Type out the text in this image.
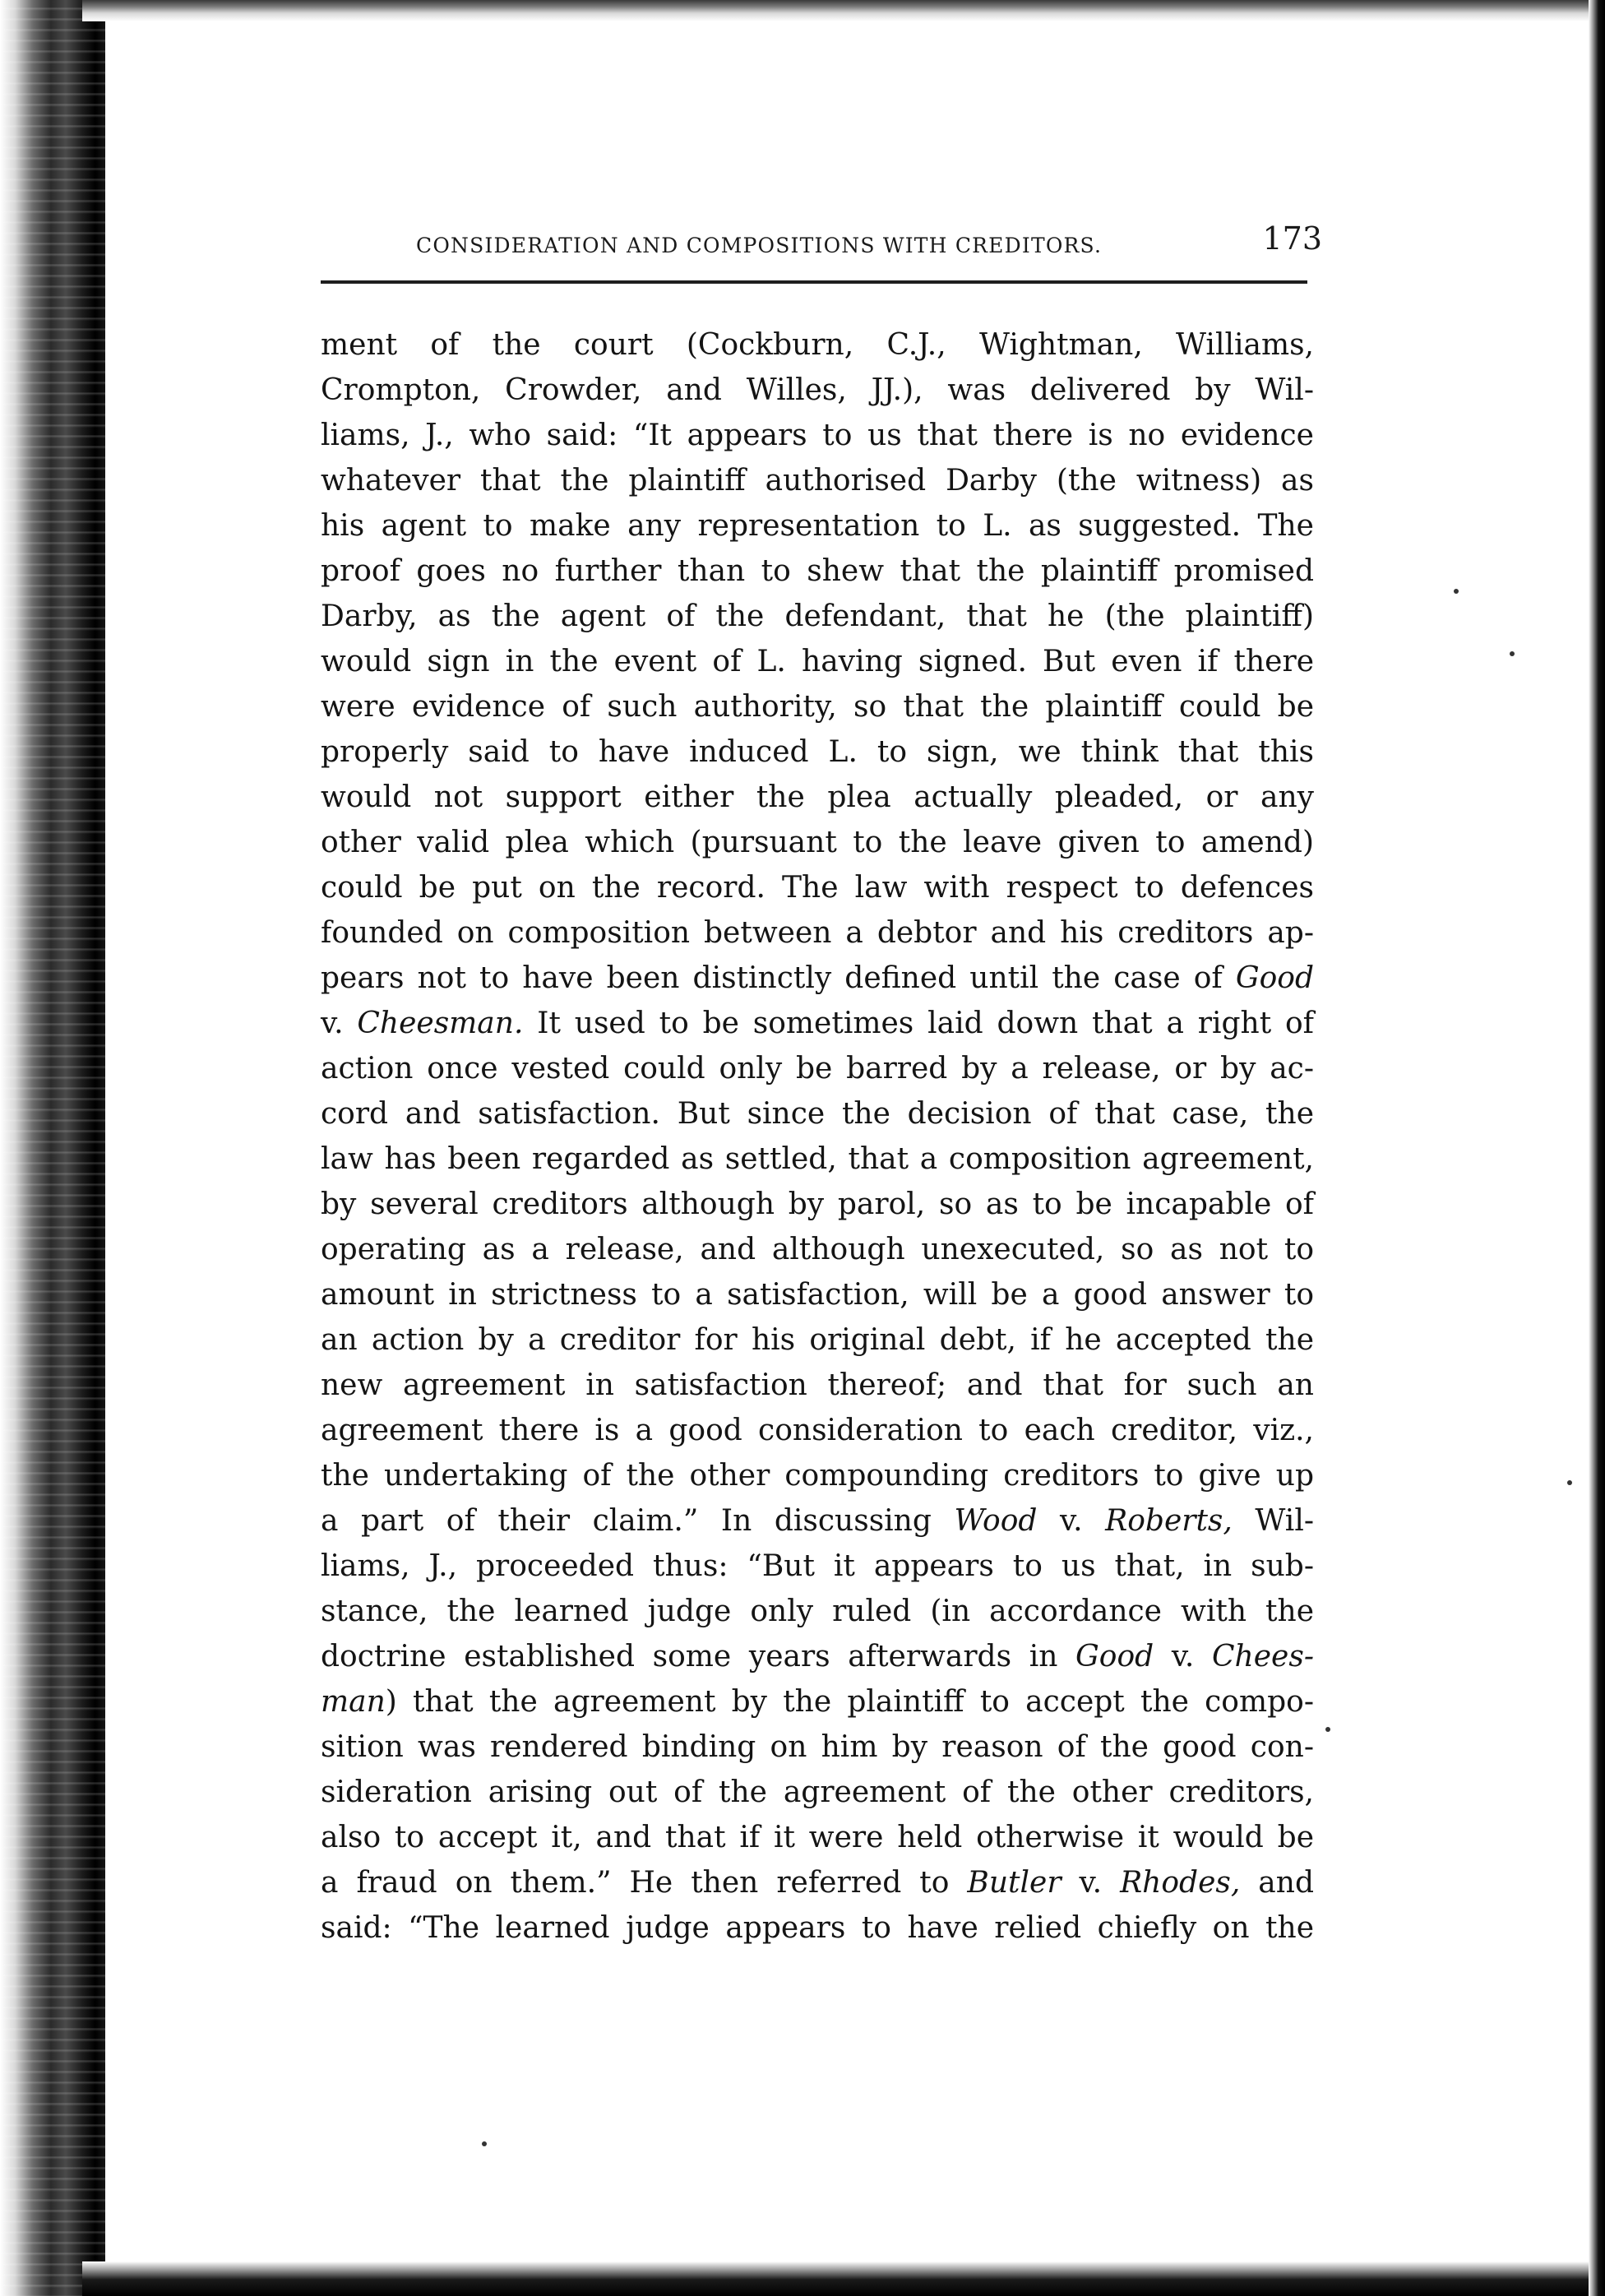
CONSIDERATION AND COMPOSITIONS WITH CREDITORS.	173
ment of the court (Cockburn, C.J., Wightman, Williams,
Crompton, Crowder, and Willes, JJ.), was delivered by Wil-
liams, J., who said: “It appears to us that there is no evidence
whatever that the plaintiff authorised Darby (the witness) as
his agent to make any representation to L. as suggested. The
proof goes no further than to shew that the plaintiff promised
Darby, as the agent of the defendant, that he (the plaintiff)
would sign in the event of L. having signed. But even if there
were evidence of such authority, so that the plaintiff could be
properly said to have induced L. to sign, we think that this
would not support either the plea actually pleaded, or any
other valid plea which (pursuant to the leave given to amend)
could be put on the record. The law with respect to defences
founded on composition between a debtor and his creditors ap-
pears not to have been distinctly defined until the case of Good
v. Cheesman. It used to be sometimes laid down that a right of
action once vested could only be barred by a release, or by ac-
cord and satisfaction. But since the decision of that case, the
law has been regarded as settled, that a composition agreement,
by several creditors although by parol, so as to be incapable of
operating as a release, and although unexecuted, so as not to
amount in strictness to a satisfaction, will be a good answer to
an action by a creditor for his original debt, if he accepted the
new agreement in satisfaction thereof; and that for such an
agreement there is a good consideration to each creditor, viz.,
the undertaking of the other compounding creditors to give up
a part of their claim.” In discussing Wood v. Roberts, Wil-
liams, J., proceeded thus: “But it appears to us that, in sub-
stance, the learned judge only ruled (in accordance with the
doctrine established some years afterwards in Good v. Chees-
man) that the agreement by the plaintiff to accept the compo-
sition was rendered binding on him by reason of the good con-
sideration arising out of the agreement of the other creditors,
also to accept it, and that if it were held otherwise it would be
a fraud on them.” He then referred to Butler v. Rhodes, and
said: “The learned judge appears to have relied chiefly on the
